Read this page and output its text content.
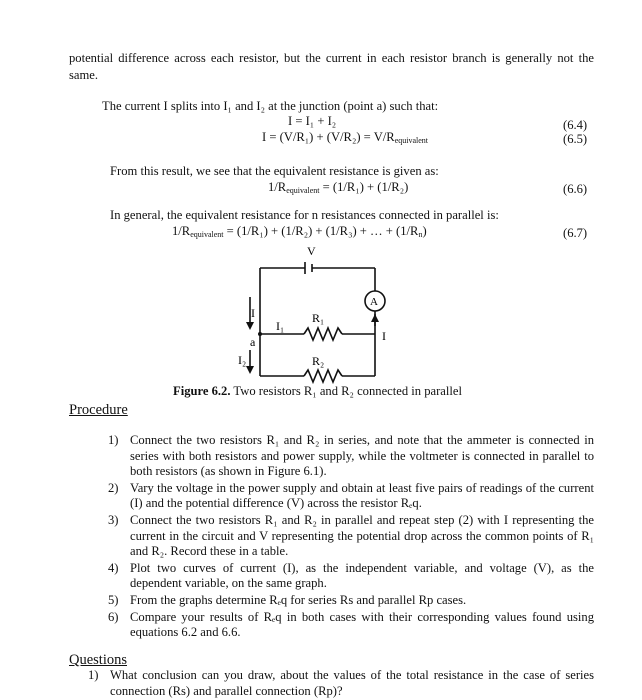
potential difference across each resistor, but the current in each resistor branch is generally not the same.
The current I splits into I₁ and I₂ at the junction (point a) such that:
I = I₁ + I₂
$I = (V/R_1) + (V/R_2) = V/R_{equivalent}$
(6.4)
(6.5)
From this result, we see that the equivalent resistance is given as:
$1/R_{equivalent} = (1/R_1) + (1/R_2)$	(6.6)
In general, the equivalent resistance for n resistances connected in parallel is:
$1/R_{equivalent} = (1/R_1) + (1/R_2) + (1/R_3)$ + … + $(1/R_n)$	(6.7)
V
A
I
I
I₁
I₂
a
R₁
R₂
Figure 6.2. Two resistors R₁ and R₂ connected in parallel
Procedure
1) Connect the two resistors R₁ and R₂ in series, and note that the ammeter is connected in series with both resistors and power supply, while the voltmeter is connected in parallel to both resistors (as shown in Figure 6.1).
2) Vary the voltage in the power supply and obtain at least five pairs of readings of the current (I) and the potential difference (V) across the resistor Rₑq.
3) Connect the two resistors R₁ and R₂ in parallel and repeat step (2) with I representing the current in the circuit and V representing the potential drop across the common points of R₁ and R₂. Record these in a table.
4) Plot two curves of current (I), as the independent variable, and voltage (V), as the dependent variable, on the same graph.
5) From the graphs determine Rₑq for series Rs and parallel Rp cases.
6) Compare your results of Rₑq in both cases with their corresponding values found using equations 6.2 and 6.6.
Questions
1) What conclusion can you draw, about the values of the total resistance in the case of series connection (Rs) and parallel connection (Rp)?
